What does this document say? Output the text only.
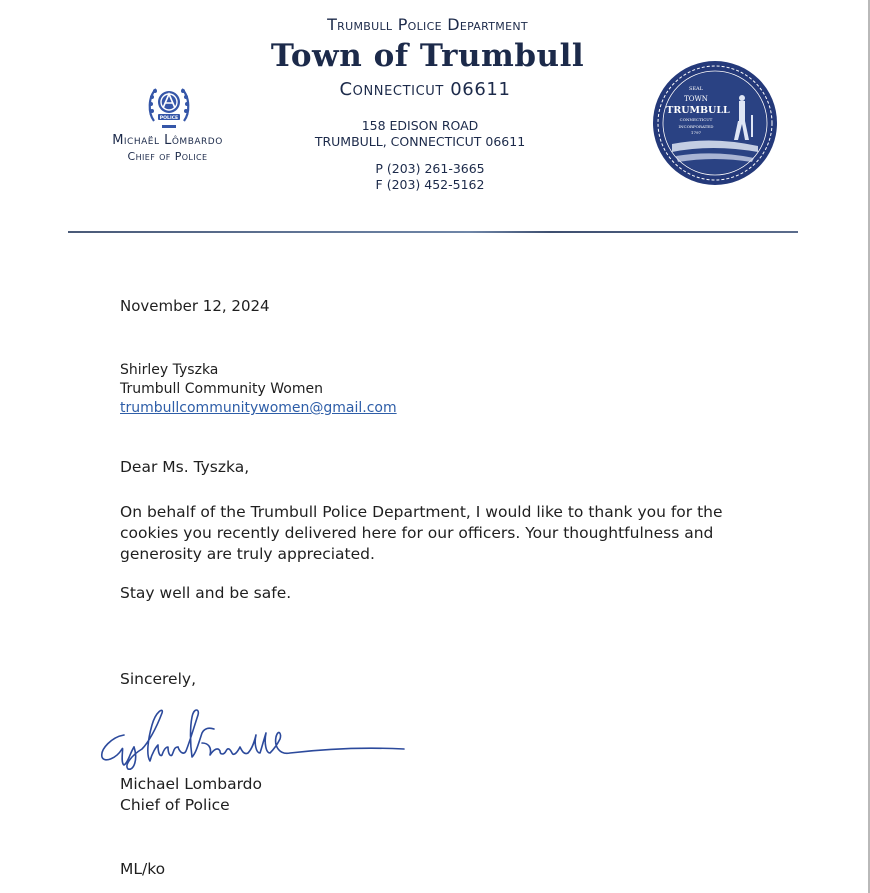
Trumbull Police Department
Town of Trumbull
Connecticut 06611
158 EDISON ROAD
TRUMBULL, CONNECTICUT 06611
P (203) 261-3665
F (203) 452-5162
POLICE
Michaël Lômbardo
Chief of Police
SEAL
TOWN
TRUMBULL
CONNECTICUT
INCORPORATED
1797
November 12, 2024
Shirley Tyszka
Trumbull Community Women
trumbullcommunitywomen@gmail.com
Dear Ms. Tyszka,
On behalf of the Trumbull Police Department, I would like to thank you for the cookies you recently delivered here for our officers. Your thoughtfulness and generosity are truly appreciated.
Stay well and be safe.
Sincerely,
Michael Lombardo
Chief of Police
ML/ko
